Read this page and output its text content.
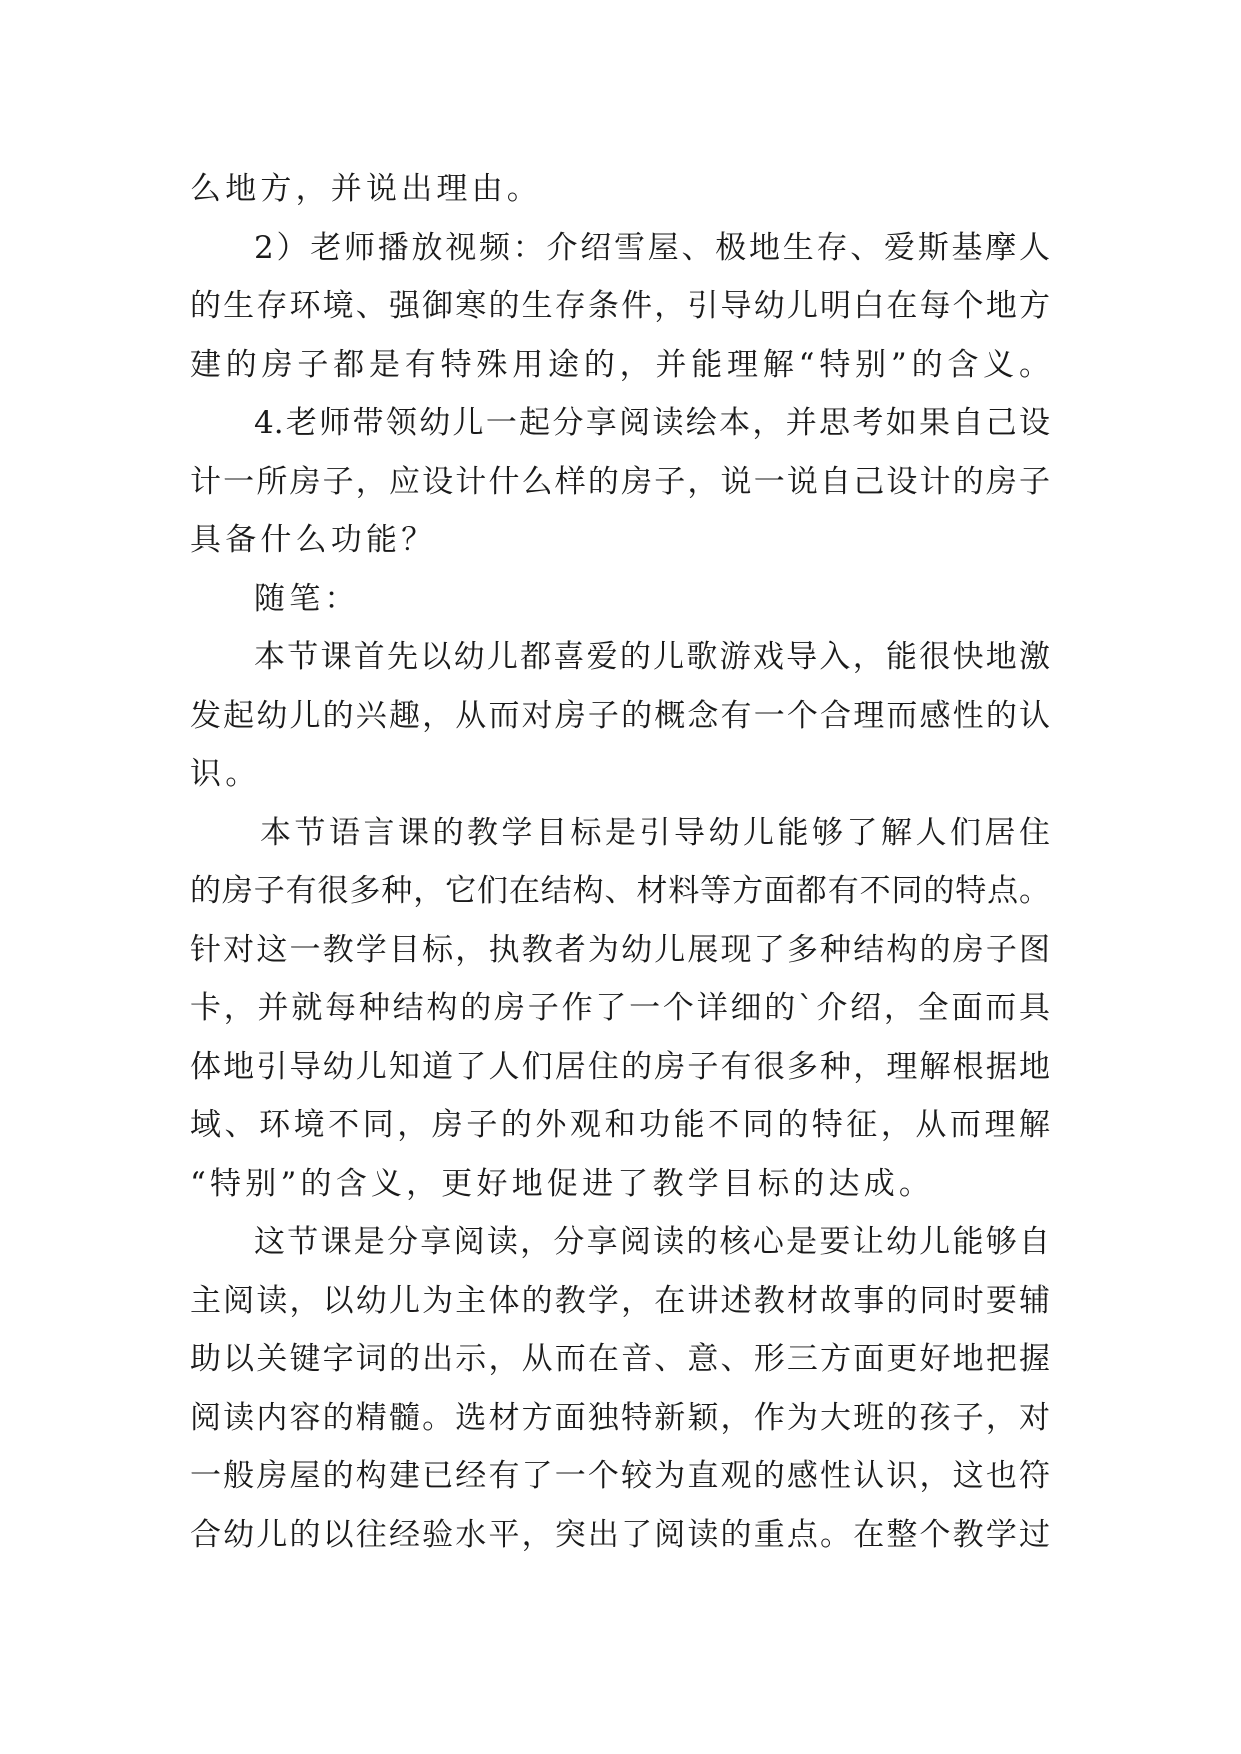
么地方，并说出理由。
2）老师播放视频：介绍雪屋、极地生存、爱斯基摩人
的生存环境、强御寒的生存条件，引导幼儿明白在每个地方
建的房子都是有特殊用途的，并能理解“特别”的含义。
4.老师带领幼儿一起分享阅读绘本，并思考如果自己设
计一所房子，应设计什么样的房子，说一说自己设计的房子
具备什么功能？
随笔：
本节课首先以幼儿都喜爱的儿歌游戏导入，能很快地激
发起幼儿的兴趣，从而对房子的概念有一个合理而感性的认
识。
本节语言课的教学目标是引导幼儿能够了解人们居住
的房子有很多种，它们在结构、材料等方面都有不同的特点。
针对这一教学目标，执教者为幼儿展现了多种结构的房子图
卡，并就每种结构的房子作了一个详细的`介绍，全面而具
体地引导幼儿知道了人们居住的房子有很多种，理解根据地
域、环境不同，房子的外观和功能不同的特征，从而理解
“特别”的含义，更好地促进了教学目标的达成。
这节课是分享阅读，分享阅读的核心是要让幼儿能够自
主阅读，以幼儿为主体的教学，在讲述教材故事的同时要辅
助以关键字词的出示，从而在音、意、形三方面更好地把握
阅读内容的精髓。选材方面独特新颖，作为大班的孩子，对
一般房屋的构建已经有了一个较为直观的感性认识，这也符
合幼儿的以往经验水平，突出了阅读的重点。在整个教学过
